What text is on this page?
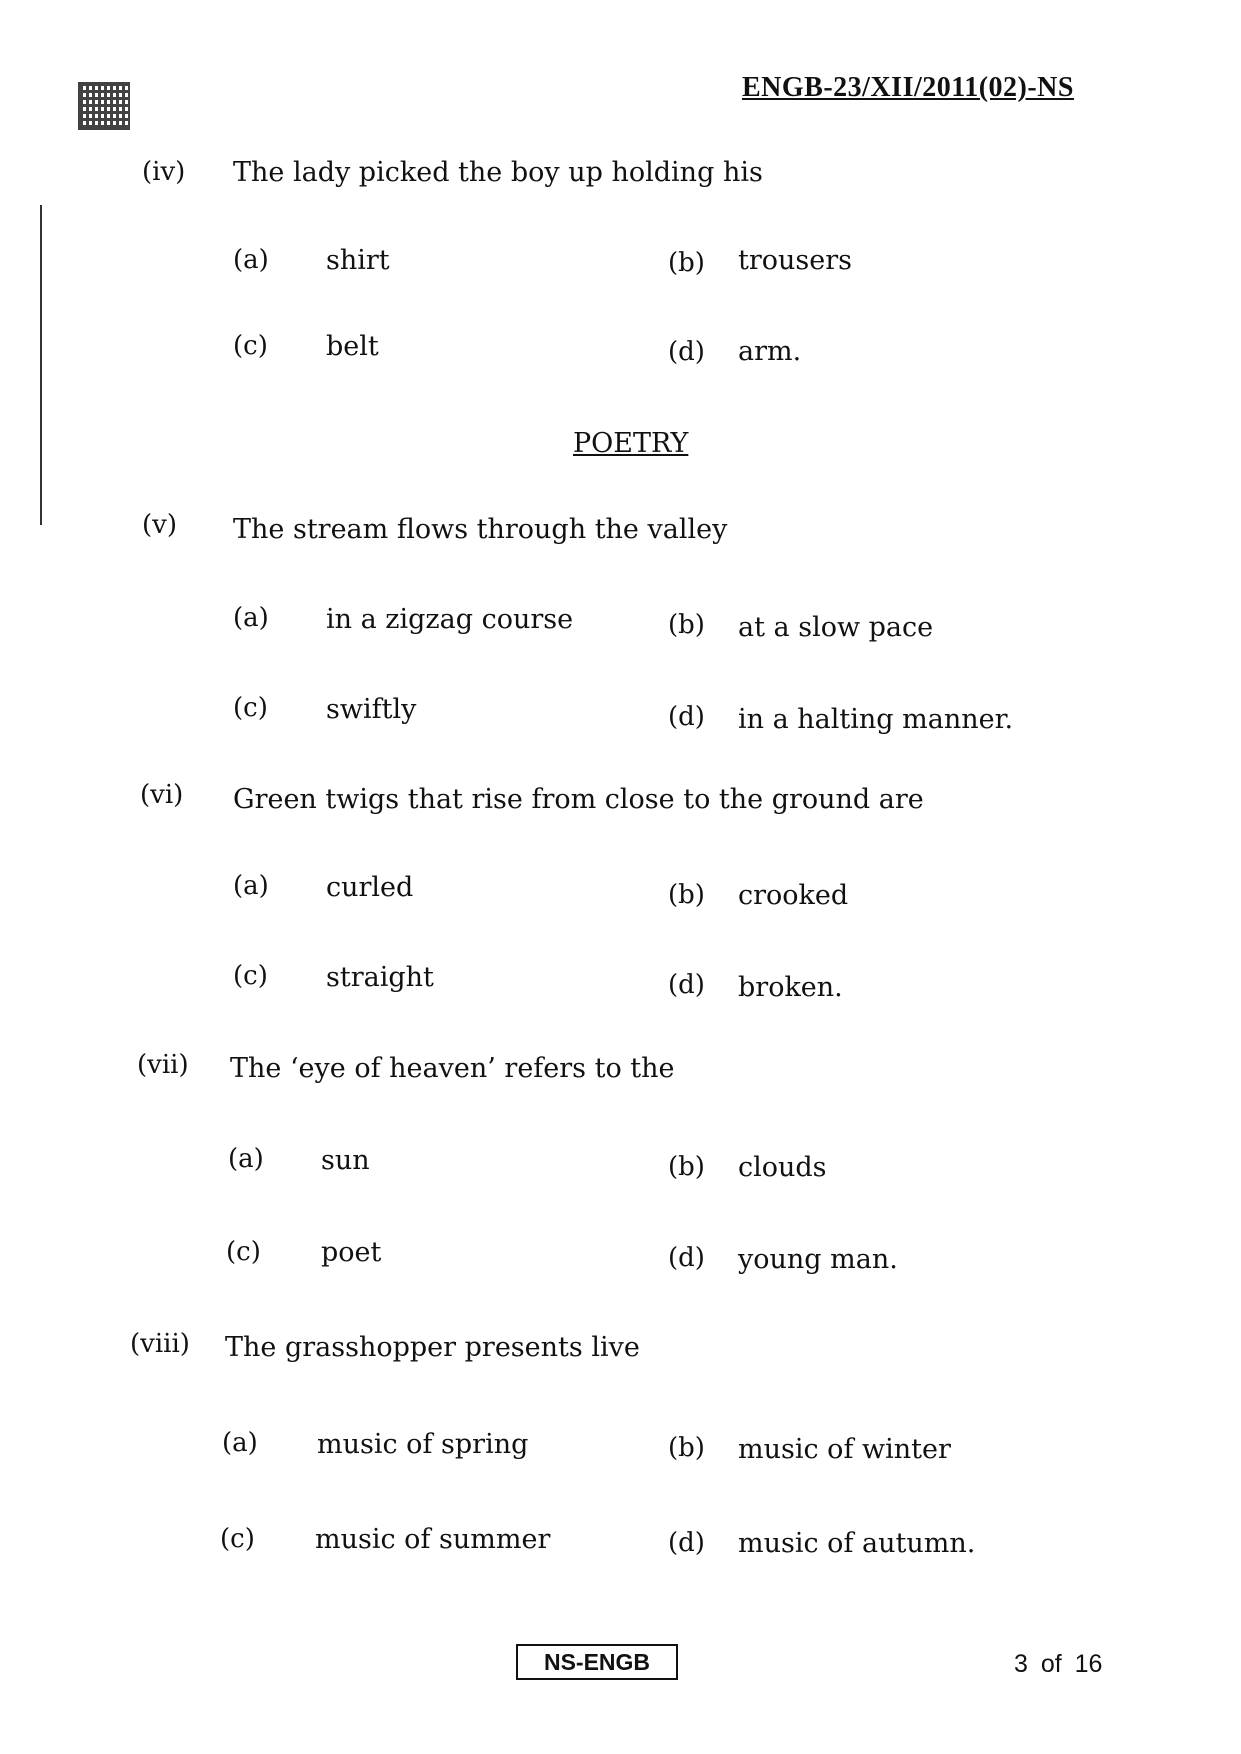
ENGB-23/XII/2011(02)-NS
(iv) The lady picked the boy up holding his
(a) shirt	(b) trousers
(c) belt	(d) arm.
POETRY
(v) The stream flows through the valley
(a) in a zigzag course	(b) at a slow pace
(c) swiftly	(d) in a halting manner.
(vi) Green twigs that rise from close to the ground are
(a) curled	(b) crooked
(c) straight	(d) broken.
(vii) The ‘eye of heaven’ refers to the
(a) sun	(b) clouds
(c) poet	(d) young man.
(viii) The grasshopper presents live
(a) music of spring	(b) music of winter
(c) music of summer	(d) music of autumn.
NS-ENGB	3 of 16
